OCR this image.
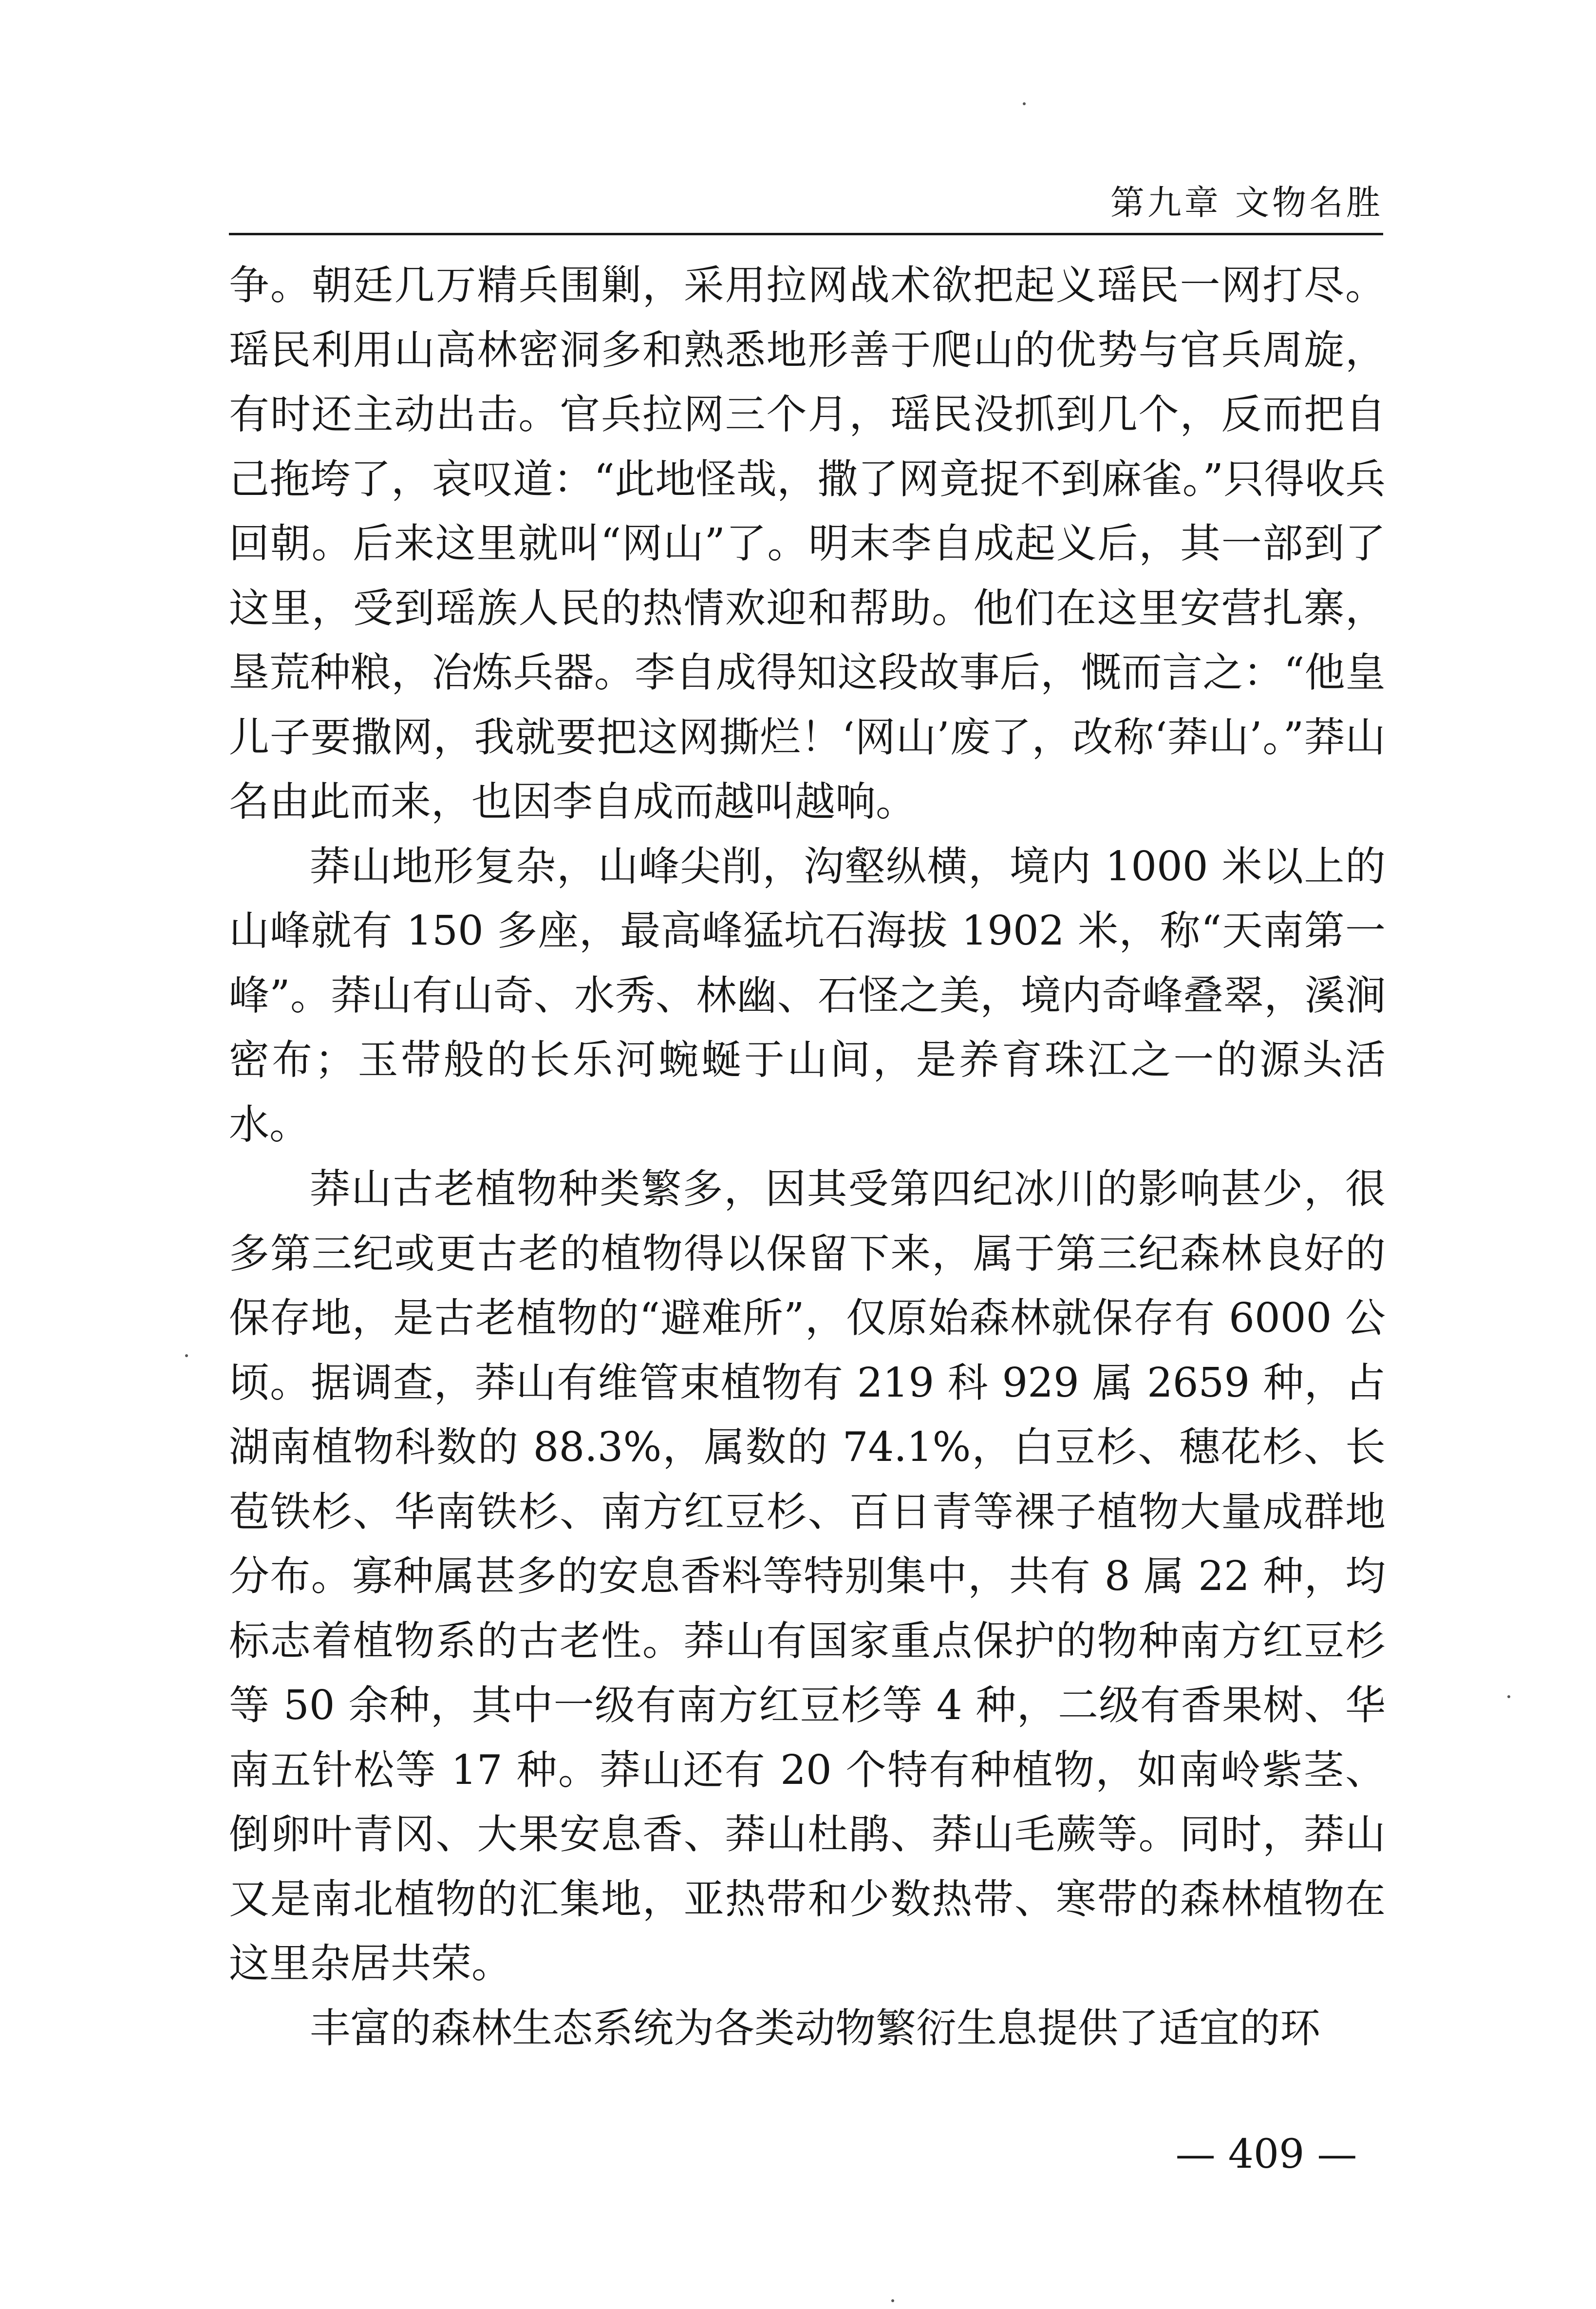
第九章 文物名胜

争。朝廷几万精兵围剿，采用拉网战术欲把起义瑶民一网打尽。瑶民利用山高林密洞多和熟悉地形善于爬山的优势与官兵周旋，有时还主动出击。官兵拉网三个月，瑶民没抓到几个，反而把自己拖垮了，哀叹道：“此地怪哉，撒了网竟捉不到麻雀。”只得收兵回朝。后来这里就叫“网山”了。明末李自成起义后，其一部到了这里，受到瑶族人民的热情欢迎和帮助。他们在这里安营扎寨，垦荒种粮，冶炼兵器。李自成得知这段故事后，慨而言之：“他皇儿子要撒网，我就要把这网撕烂！‘网山’废了，改称‘莽山’。”莽山名由此而来，也因李自成而越叫越响。

莽山地形复杂，山峰尖削，沟壑纵横，境内 1000 米以上的山峰就有 150 多座，最高峰猛坑石海拔 1902 米，称“天南第一峰”。莽山有山奇、水秀、林幽、石怪之美，境内奇峰叠翠，溪涧密布；玉带般的长乐河蜿蜒于山间，是养育珠江之一的源头活水。

莽山古老植物种类繁多，因其受第四纪冰川的影响甚少，很多第三纪或更古老的植物得以保留下来，属于第三纪森林良好的保存地，是古老植物的“避难所”，仅原始森林就保存有 6000 公顷。据调查，莽山有维管束植物有 219 科 929 属 2659 种，占湖南植物科数的 88.3%，属数的 74.1%，白豆杉、穗花杉、长苞铁杉、华南铁杉、南方红豆杉、百日青等裸子植物大量成群地分布。寡种属甚多的安息香料等特别集中，共有 8 属 22 种，均标志着植物系的古老性。莽山有国家重点保护的物种南方红豆杉等 50 余种，其中一级有南方红豆杉等 4 种，二级有香果树、华南五针松等 17 种。莽山还有 20 个特有种植物，如南岭紫茎、倒卵叶青冈、大果安息香、莽山杜鹃、莽山毛蕨等。同时，莽山又是南北植物的汇集地，亚热带和少数热带、寒带的森林植物在这里杂居共荣。

丰富的森林生态系统为各类动物繁衍生息提供了适宜的环

— 409 —
